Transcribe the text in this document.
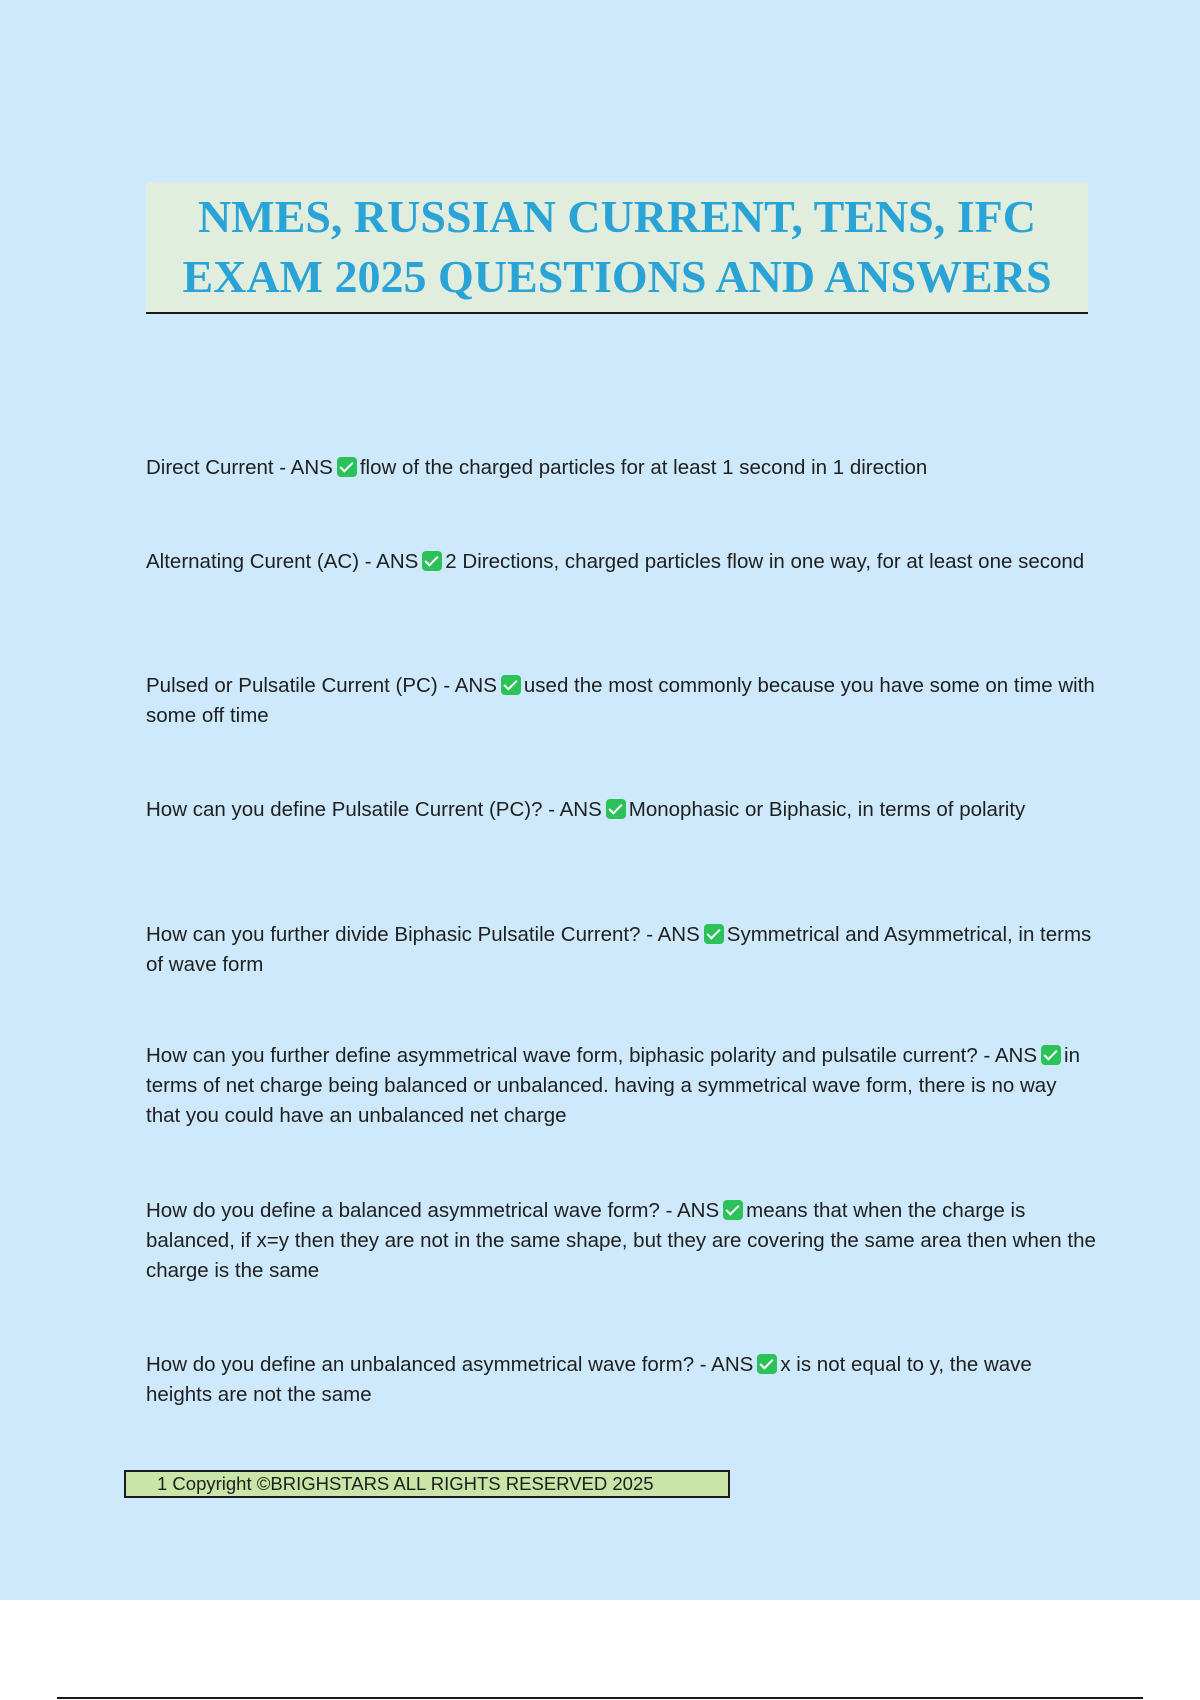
NMES, RUSSIAN CURRENT, TENS, IFC
EXAM 2025 QUESTIONS AND ANSWERS
Direct Current - ANS flow of the charged particles for at least 1 second in 1 direction
Alternating Curent (AC) - ANS 2 Directions, charged particles flow in one way, for at least one second
Pulsed or Pulsatile Current (PC) - ANS used the most commonly because you have some on time with some off time
How can you define Pulsatile Current (PC)? - ANS Monophasic or Biphasic, in terms of polarity
How can you further divide Biphasic Pulsatile Current? - ANS Symmetrical and Asymmetrical, in terms of wave form
How can you further define asymmetrical wave form, biphasic polarity and pulsatile current? - ANS in terms of net charge being balanced or unbalanced. having a symmetrical wave form, there is no way that you could have an unbalanced net charge
How do you define a balanced asymmetrical wave form? - ANS means that when the charge is balanced, if x=y then they are not in the same shape, but they are covering the same area then when the charge is the same
How do you define an unbalanced asymmetrical wave form? - ANS x is not equal to y, the wave heights are not the same
1 Copyright ©BRIGHSTARS ALL RIGHTS RESERVED 2025
